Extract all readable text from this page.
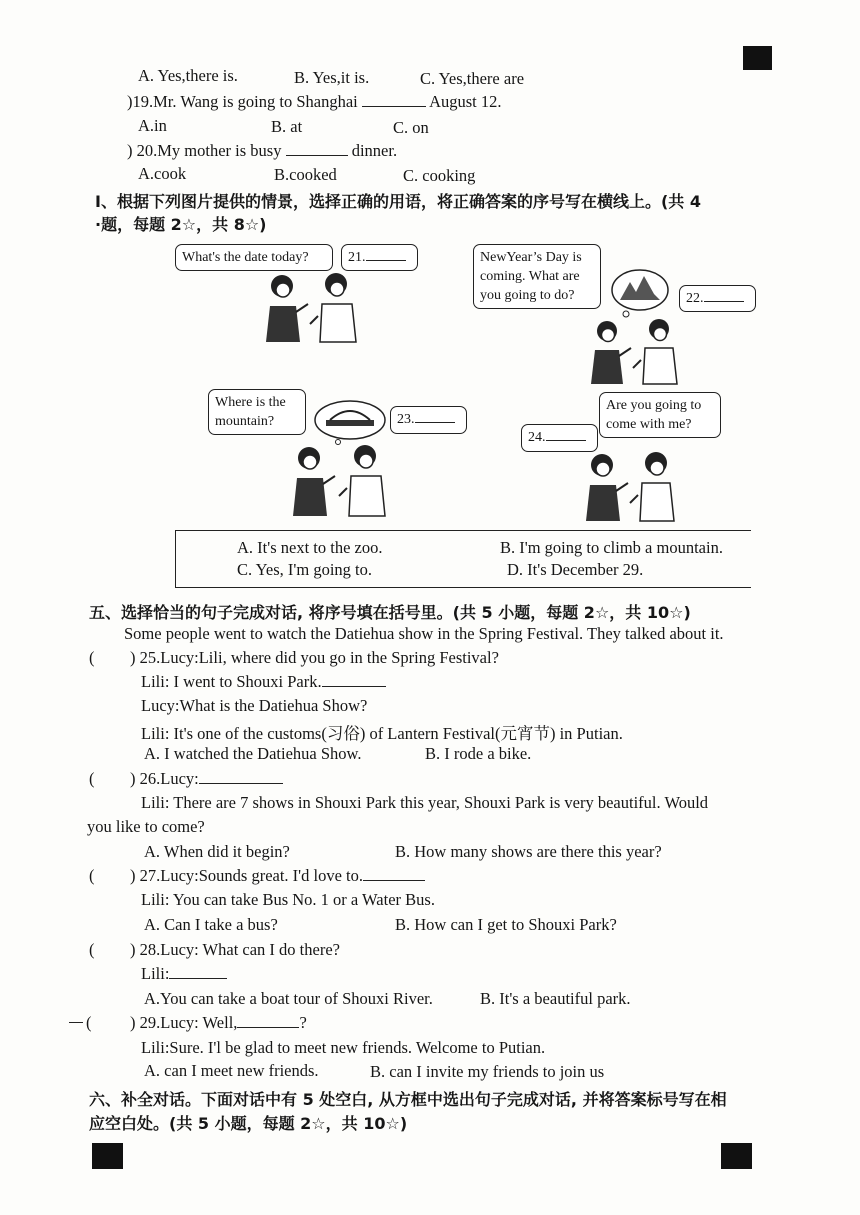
A. Yes,there is.	B. Yes,it is.	C. Yes,there are
)19.Mr. Wang is going to Shanghai	August 12.
A.in	B. at	C. on
) 20.My mother is busy	dinner.
A.cook	B.cooked	C. cooking
Ι、根据下列图片提供的情景，选择正确的用语，将正确答案的序号写在横线上。(共 4
·题，每题 2☆，共 8☆)
What's the date today?	21.	NewYear’s Day is coming. What are you going to do?	22.
Where is the mountain?	23.
Are you going to come with me?
24.
A. It's next to the zoo.	B. I'm going to climb a mountain.
C. Yes, I'm going to.	D. It's December 29.
五、选择恰当的句子完成对话, 将序号填在括号里。(共 5 小题，每题 2☆，共 10☆)
Some people went to watch the Datiehua show in the Spring Festival. They talked about it.
( ) 25.Lucy:Lili, where did you go in the Spring Festival?
Lili: I went to Shouxi Park.
Lucy:What is the Datiehua Show?
Lili: It's one of the customs(习俗) of Lantern Festival(元宵节) in Putian.
A. I watched the Datiehua Show.	B. I rode a bike.
( ) 26.Lucy:
Lili: There are 7 shows in Shouxi Park this year, Shouxi Park is very beautiful. Would
you like to come?
A. When did it begin?	B. How many shows are there this year?
( ) 27.Lucy:Sounds great. I'd love to.
Lili: You can take Bus No. 1 or a Water Bus.
A. Can I take a bus?	B. How can I get to Shouxi Park?
( ) 28.Lucy: What can I do there?
Lili:
A.You can take a boat tour of Shouxi River.	B. It's a beautiful park.
( ) 29.Lucy: Well,	?
Lili:Sure. I'l be glad to meet new friends. Welcome to Putian.
A. can I meet new friends.	B. can I invite my friends to join us
六、补全对话。下面对话中有 5 处空白, 从方框中选出句子完成对话, 并将答案标号写在相
应空白处。(共 5 小题，每题 2☆，共 10☆)
